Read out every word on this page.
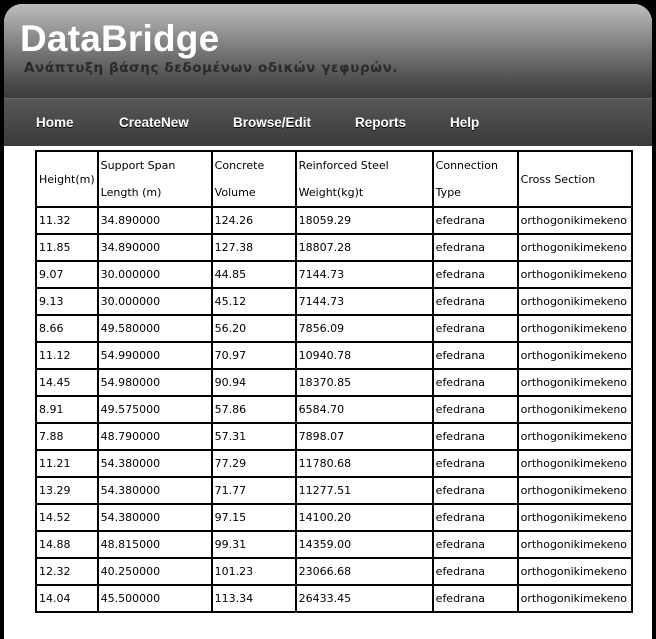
DataBridge
Ανάπτυξη βάσης δεδομένων οδικών γεφυρών.
Home	CreateNew	Browse/Edit	Reports	Help
Height(m)	Support Span Length (m)	Concrete Volume	Reinforced Steel Weight(kg)t	Connection Type	Cross Section
11.32	34.890000	124.26	18059.29	efedrana	orthogonikimekeno
11.85	34.890000	127.38	18807.28	efedrana	orthogonikimekeno
9.07	30.000000	44.85	7144.73	efedrana	orthogonikimekeno
9.13	30.000000	45.12	7144.73	efedrana	orthogonikimekeno
8.66	49.580000	56.20	7856.09	efedrana	orthogonikimekeno
11.12	54.990000	70.97	10940.78	efedrana	orthogonikimekeno
14.45	54.980000	90.94	18370.85	efedrana	orthogonikimekeno
8.91	49.575000	57.86	6584.70	efedrana	orthogonikimekeno
7.88	48.790000	57.31	7898.07	efedrana	orthogonikimekeno
11.21	54.380000	77.29	11780.68	efedrana	orthogonikimekeno
13.29	54.380000	71.77	11277.51	efedrana	orthogonikimekeno
14.52	54.380000	97.15	14100.20	efedrana	orthogonikimekeno
14.88	48.815000	99.31	14359.00	efedrana	orthogonikimekeno
12.32	40.250000	101.23	23066.68	efedrana	orthogonikimekeno
14.04	45.500000	113.34	26433.45	efedrana	orthogonikimekeno
